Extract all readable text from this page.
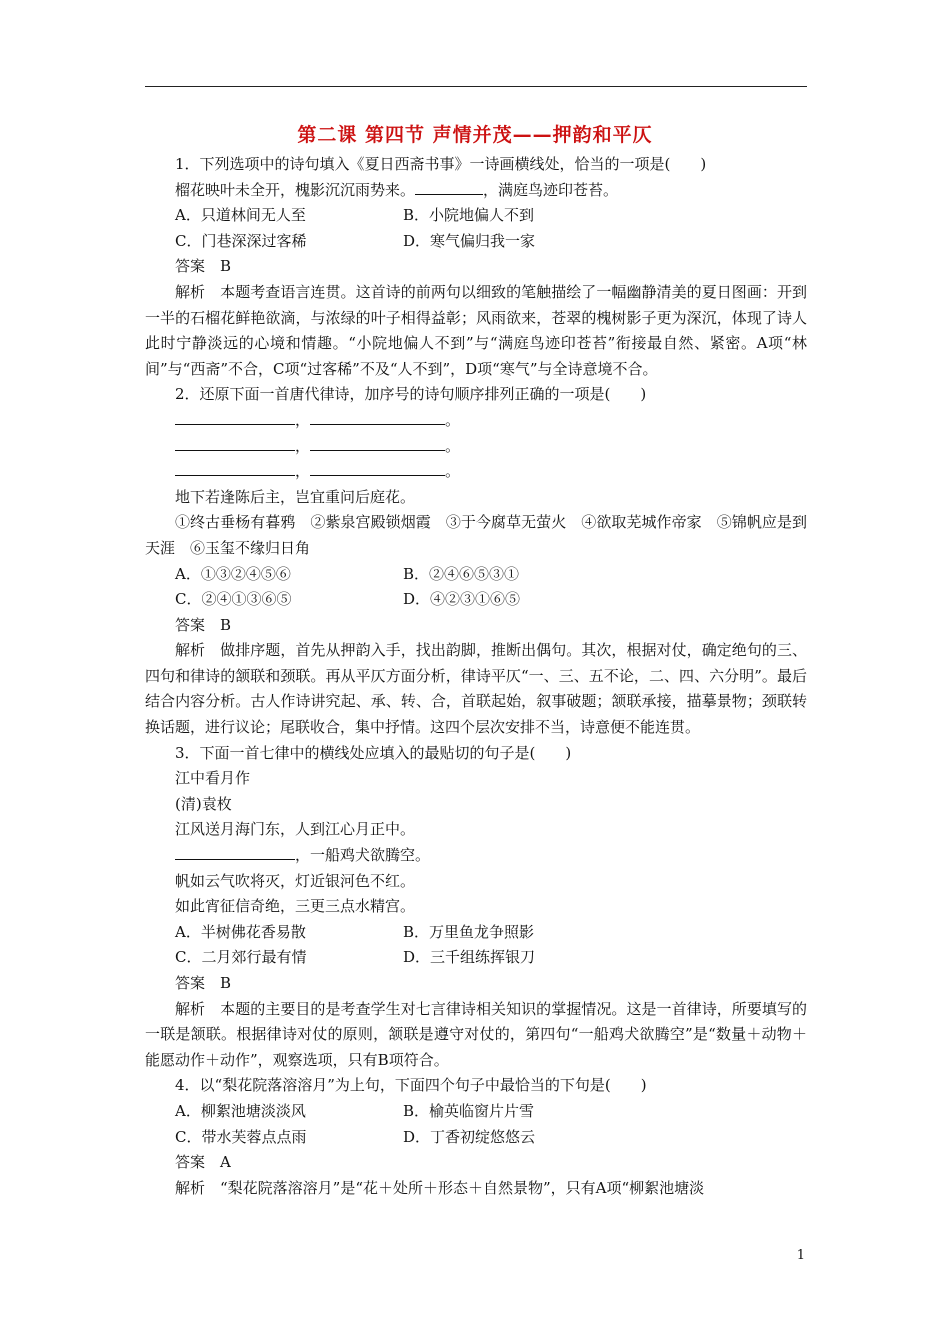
第二课 第四节 声情并茂——押韵和平仄

1．下列选项中的诗句填入《夏日西斋书事》一诗画横线处，恰当的一项是(　　)

榴花映叶未全开，槐影沉沉雨势来。	，满庭鸟迹印苍苔。

A．只道林间无人至	B．小院地偏人不到
C．门巷深深过客稀	D．寒气偏归我一家

答案　B

解析　本题考查语言连贯。这首诗的前两句以细致的笔触描绘了一幅幽静清美的夏日图画：开到一半的石榴花鲜艳欲滴，与浓绿的叶子相得益彰；风雨欲来，苍翠的槐树影子更为深沉，体现了诗人此时宁静淡远的心境和情趣。“小院地偏人不到”与“满庭鸟迹印苍苔”衔接最自然、紧密。A项“林间”与“西斋”不合，C项“过客稀”不及“人不到”，D项“寒气”与全诗意境不合。

2．还原下面一首唐代律诗，加序号的诗句顺序排列正确的一项是(　　)

，	。

，	。

，	。

地下若逢陈后主，岂宜重问后庭花。

①终古垂杨有暮鸦　②紫泉宫殿锁烟霞　③于今腐草无萤火　④欲取芜城作帝家　⑤锦帆应是到天涯　⑥玉玺不缘归日角

A．①③②④⑤⑥	B．②④⑥⑤③①
C．②④①③⑥⑤	D．④②③①⑥⑤

答案　B

解析　做排序题，首先从押韵入手，找出韵脚，推断出偶句。其次，根据对仗，确定绝句的三、四句和律诗的颔联和颈联。再从平仄方面分析，律诗平仄“一、三、五不论，二、四、六分明”。最后结合内容分析。古人作诗讲究起、承、转、合，首联起始，叙事破题；颔联承接，描摹景物；颈联转换话题，进行议论；尾联收合，集中抒情。这四个层次安排不当，诗意便不能连贯。

3．下面一首七律中的横线处应填入的最贴切的句子是(　　)

江中看月作

(清)袁枚

江风送月海门东，人到江心月正中。

，一船鸡犬欲腾空。

帆如云气吹将灭，灯近银河色不红。

如此宵征信奇绝，三更三点水精宫。

A．半树佛花香易散	B．万里鱼龙争照影
C．二月郊行最有情	D．三千组练挥银刀

答案　B

解析　本题的主要目的是考查学生对七言律诗相关知识的掌握情况。这是一首律诗，所要填写的一联是颔联。根据律诗对仗的原则，颔联是遵守对仗的，第四句“一船鸡犬欲腾空”是“数量＋动物＋能愿动作＋动作”，观察选项，只有B项符合。

4．以“梨花院落溶溶月”为上句，下面四个句子中最恰当的下句是(　　)

A．柳絮池塘淡淡风	B．榆英临窗片片雪
C．带水芙蓉点点雨	D．丁香初绽悠悠云

答案　A

解析　“梨花院落溶溶月”是“花＋处所＋形态＋自然景物”，只有A项“柳絮池塘淡

1
